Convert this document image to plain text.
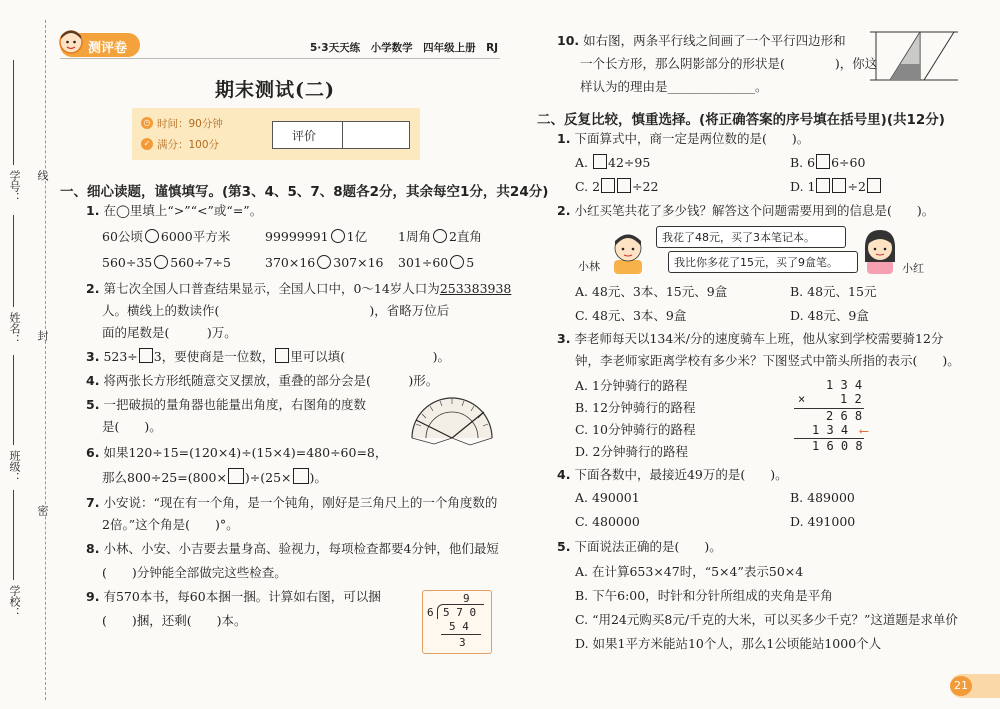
学号：
姓名：
班级：
学校：
线
封
密
测评卷	5·3天天练　小学数学　四年级上册　RJ
期末测试(二)
◷ 时间：90分钟
✓ 满分：100分
评价
一、细心读题，谨慎填写。(第3、4、5、7、8题各2分，其余每空1分，共24分)
1. 在◯里填上“>”“<”或“=”。
60公顷 6000平方米	99999991 1亿 1周角 2直角
560÷35 560÷7÷5	370×16 307×16 301÷60 5
2. 第七次全国人口普查结果显示，全国人口中，0～14岁人口为253383938
人。横线上的数读作(　　　　　　　　　　　　)，省略万位后
面的尾数是(　　　)万。
3. 523÷ 3，要使商是一位数， 里可以填(　　　　　　　)。
4. 将两张长方形纸随意交叉摆放，重叠的部分会是(　　　)形。
5. 一把破损的量角器也能量出角度，右图角的度数
是(　　)。
6. 如果120÷15=(120×4)÷(15×4)=480÷60=8，
那么800÷25=(800× )÷(25× )。
7. 小安说：“现在有一个角，是一个钝角，刚好是三角尺上的一个角度数的
2倍。”这个角是(　　)°。
8. 小林、小安、小吉要去量身高、验视力，每项检查都要4分钟，他们最短
(　　)分钟能全部做完这些检查。
9. 有570本书，每60本捆一捆。计算如右图，可以捆
(　　)捆，还剩(　　)本。
9
6 5 7 0
5 4
3
10. 如右图，两条平行线之间画了一个平行四边形和
一个长方形，那么阴影部分的形状是(　　　　)，你这
样认为的理由是______________。
二、反复比较，慎重选择。(将正确答案的序号填在括号里)(共12分)
1. 下面算式中，商一定是两位数的是(　　)。
A. 42÷95	B. 6 6÷60
C. 2	÷22	D. 1	÷2
2. 小红买笔共花了多少钱？解答这个问题需要用到的信息是(　　)。
小林	小红
我花了48元，买了3本笔记本。
我比你多花了15元，买了9盒笔。
A. 48元、3本、15元、9盒	B. 48元、15元
C. 48元、3本、9盒	D. 48元、9盒
3. 李老师每天以134米/分的速度骑车上班，他从家到学校需要骑12分
钟，李老师家距离学校有多少米？下图竖式中箭头所指的表示(　　)。
A. 1分钟骑行的路程
B. 12分钟骑行的路程
C. 10分钟骑行的路程
D. 2分钟骑行的路程
1 3 4
×	1 2
2 6 8
1 3 4 ⟵
1 6 0 8
4. 下面各数中，最接近49万的是(　　)。
A. 490001	B. 489000
C. 480000	D. 491000
5. 下面说法正确的是(　　)。
A. 在计算653×47时，“5×4”表示50×4
B. 下午6:00，时针和分针所组成的夹角是平角
C. “用24元购买8元/千克的大米，可以买多少千克？”这道题是求单价
D. 如果1平方米能站10个人，那么1公顷能站1000个人
21
